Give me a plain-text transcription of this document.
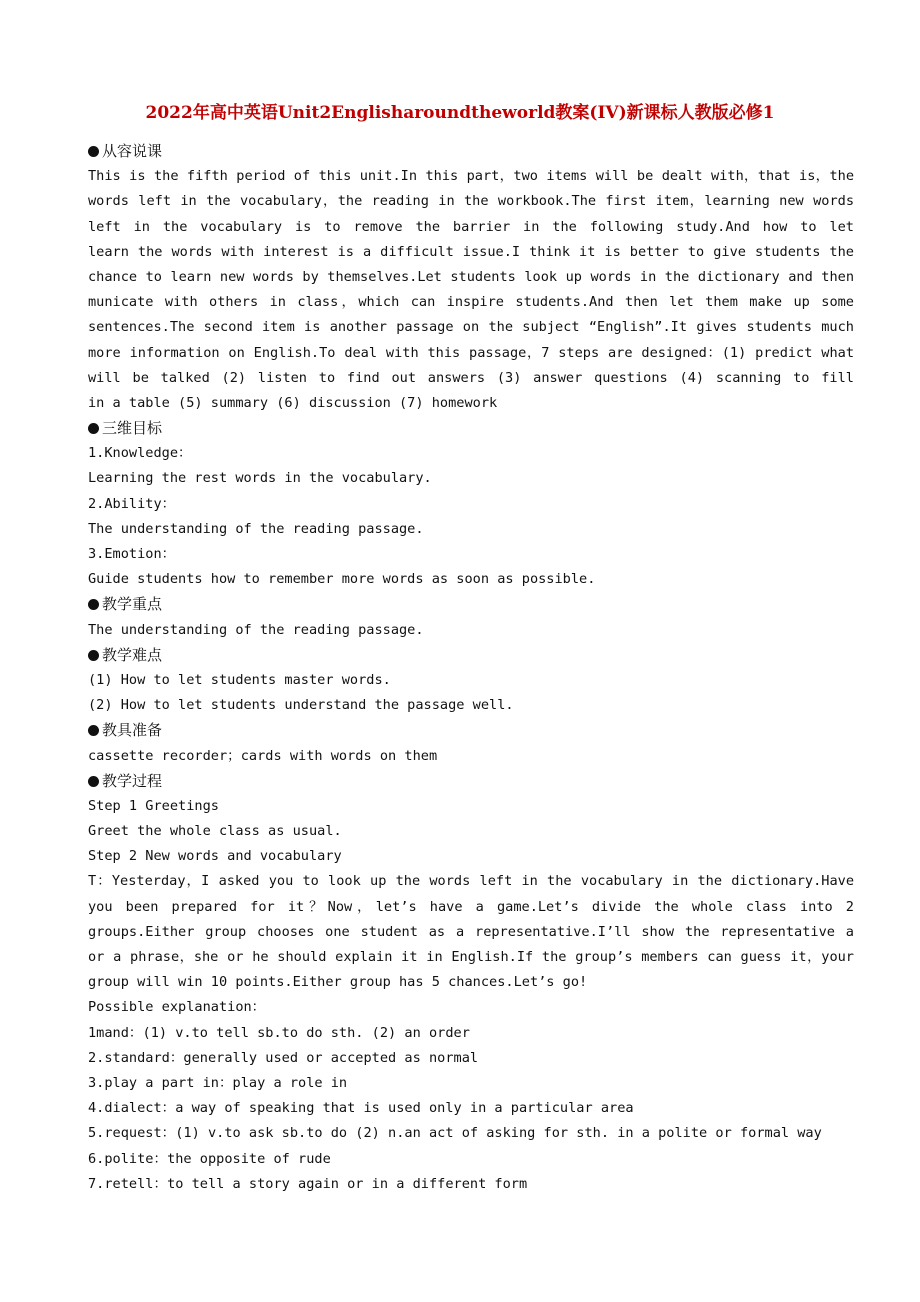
2022年高中英语Unit2Englisharoundtheworld教案(IV)新课标人教版必修1
从容说课
This is the fifth period of this unit.In this part，two items will be dealt with，that is，the
words left in the vocabulary，the reading in the workbook.The first item，learning new words
left in the vocabulary is to remove the barrier in the following study.And how to let
learn the words with interest is a difficult issue.I think it is better to give students the
chance to learn new words by themselves.Let students look up words in the dictionary and then
municate with others in class，which can inspire students.And then let them make up some
sentences.The second item is another passage on the subject “English”.It gives students much
more information on English.To deal with this passage，7 steps are designed：(1) predict what
will be talked (2) listen to find out answers (3) answer questions (4) scanning to fill
in a table (5) summary (6) discussion (7) homework
三维目标
1.Knowledge：
Learning the rest words in the vocabulary.
2.Ability：
The understanding of the reading passage.
3.Emotion：
Guide students how to remember more words as soon as possible.
教学重点
The understanding of the reading passage.
教学难点
(1) How to let students master words.
(2) How to let students understand the passage well.
教具准备
cassette recorder；cards with words on them
教学过程
Step 1 Greetings
Greet the whole class as usual.
Step 2 New words and vocabulary
T：Yesterday，I asked you to look up the words left in the vocabulary in the dictionary.Have
you been prepared for it？Now，let’s have a game.Let’s divide the whole class into 2
groups.Either group chooses one student as a representative.I’ll show the representative a
or a phrase，she or he should explain it in English.If the group’s members can guess it，your
group will win 10 points.Either group has 5 chances.Let’s go!
Possible explanation：
1mand：(1) v.to tell sb.to do sth. (2) an order
2.standard：generally used or accepted as normal
3.play a part in：play a role in
4.dialect：a way of speaking that is used only in a particular area
5.request：(1) v.to ask sb.to do (2) n.an act of asking for sth. in a polite or formal way
6.polite：the opposite of rude
7.retell：to tell a story again or in a different form
